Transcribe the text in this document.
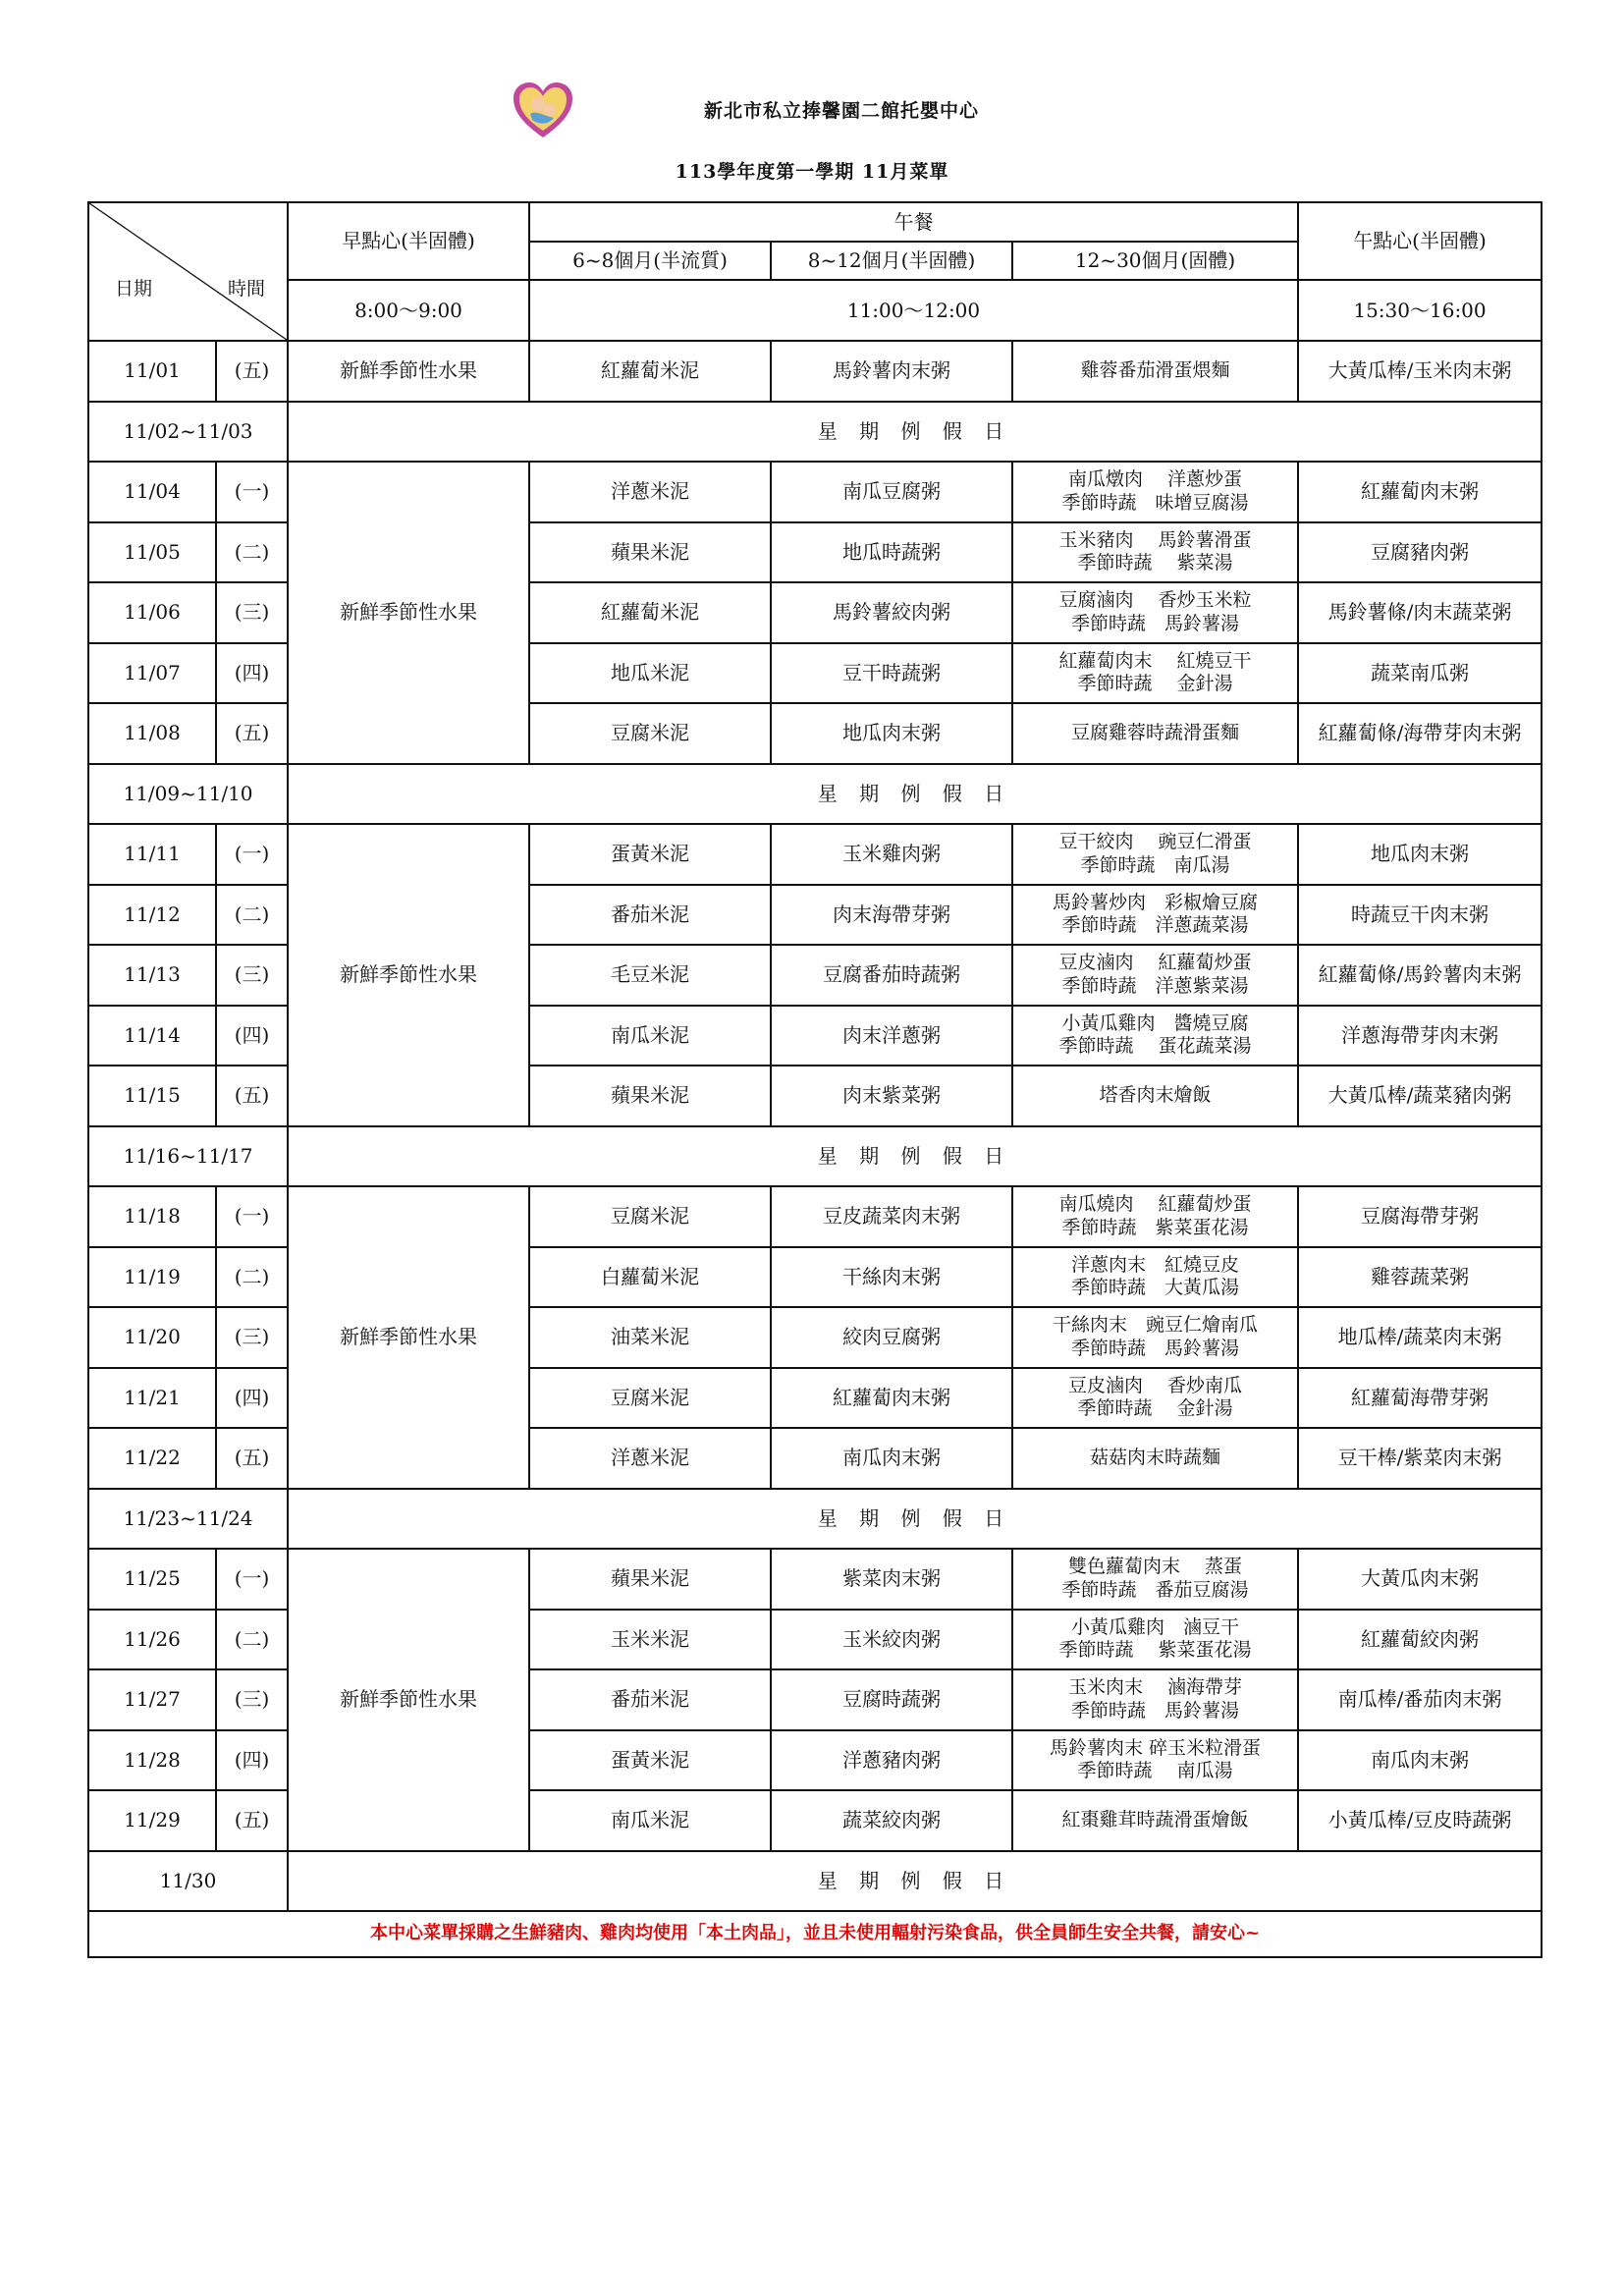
新北市私立捧馨園二館托嬰中心
113學年度第一學期 11月菜單
日期 時間		早點心(半固體)	午餐			午點心(半固體)
			6~8個月(半流質)	8~12個月(半固體)	12~30個月(固體)	
		8:00～9:00	11:00～12:00			15:30～16:00
11/01	(五)	新鮮季節性水果	紅蘿蔔米泥	馬鈴薯肉末粥	雞蓉番茄滑蛋煨麵	大黃瓜棒/玉米肉末粥
11/02~11/03		星 期 例 假 日				
11/04	(一)	新鮮季節性水果	洋蔥米泥	南瓜豆腐粥	南瓜燉肉　 洋蔥炒蛋
季節時蔬　味增豆腐湯	紅蘿蔔肉末粥
11/05	(二)		蘋果米泥	地瓜時蔬粥	玉米豬肉　 馬鈴薯滑蛋
季節時蔬　 紫菜湯	豆腐豬肉粥
11/06	(三)		紅蘿蔔米泥	馬鈴薯絞肉粥	豆腐滷肉　 香炒玉米粒
季節時蔬　馬鈴薯湯	馬鈴薯條/肉末蔬菜粥
11/07	(四)		地瓜米泥	豆干時蔬粥	紅蘿蔔肉末　 紅燒豆干
季節時蔬　 金針湯	蔬菜南瓜粥
11/08	(五)		豆腐米泥	地瓜肉末粥	豆腐雞蓉時蔬滑蛋麵	紅蘿蔔條/海帶芽肉末粥
11/09~11/10		星 期 例 假 日				
11/11	(一)	新鮮季節性水果	蛋黃米泥	玉米雞肉粥	豆干絞肉　 豌豆仁滑蛋
季節時蔬　南瓜湯	地瓜肉末粥
11/12	(二)		番茄米泥	肉末海帶芽粥	馬鈴薯炒肉　彩椒燴豆腐
季節時蔬　洋蔥蔬菜湯	時蔬豆干肉末粥
11/13	(三)		毛豆米泥	豆腐番茄時蔬粥	豆皮滷肉　 紅蘿蔔炒蛋
季節時蔬　洋蔥紫菜湯	紅蘿蔔條/馬鈴薯肉末粥
11/14	(四)		南瓜米泥	肉末洋蔥粥	小黃瓜雞肉　醬燒豆腐
季節時蔬　 蛋花蔬菜湯	洋蔥海帶芽肉末粥
11/15	(五)		蘋果米泥	肉末紫菜粥	塔香肉末燴飯	大黃瓜棒/蔬菜豬肉粥
11/16~11/17		星 期 例 假 日				
11/18	(一)	新鮮季節性水果	豆腐米泥	豆皮蔬菜肉末粥	南瓜燒肉　 紅蘿蔔炒蛋
季節時蔬　紫菜蛋花湯	豆腐海帶芽粥
11/19	(二)		白蘿蔔米泥	干絲肉末粥	洋蔥肉末　紅燒豆皮
季節時蔬　大黃瓜湯	雞蓉蔬菜粥
11/20	(三)		油菜米泥	絞肉豆腐粥	干絲肉末　豌豆仁燴南瓜
季節時蔬　馬鈴薯湯	地瓜棒/蔬菜肉末粥
11/21	(四)		豆腐米泥	紅蘿蔔肉末粥	豆皮滷肉　 香炒南瓜
季節時蔬　 金針湯	紅蘿蔔海帶芽粥
11/22	(五)		洋蔥米泥	南瓜肉末粥	菇菇肉末時蔬麵	豆干棒/紫菜肉末粥
11/23~11/24		星 期 例 假 日				
11/25	(一)	新鮮季節性水果	蘋果米泥	紫菜肉末粥	雙色蘿蔔肉末　 蒸蛋
季節時蔬　番茄豆腐湯	大黃瓜肉末粥
11/26	(二)		玉米米泥	玉米絞肉粥	小黃瓜雞肉　滷豆干
季節時蔬　 紫菜蛋花湯	紅蘿蔔絞肉粥
11/27	(三)		番茄米泥	豆腐時蔬粥	玉米肉末　 滷海帶芽
季節時蔬　馬鈴薯湯	南瓜棒/番茄肉末粥
11/28	(四)		蛋黃米泥	洋蔥豬肉粥	馬鈴薯肉末 碎玉米粒滑蛋
季節時蔬　 南瓜湯	南瓜肉末粥
11/29	(五)		南瓜米泥	蔬菜絞肉粥	紅棗雞茸時蔬滑蛋燴飯	小黃瓜棒/豆皮時蔬粥
11/30		星 期 例 假 日				
本中心菜單採購之生鮮豬肉、雞肉均使用「本土肉品」，並且未使用輻射污染食品，供全員師生安全共餐，請安心~						
